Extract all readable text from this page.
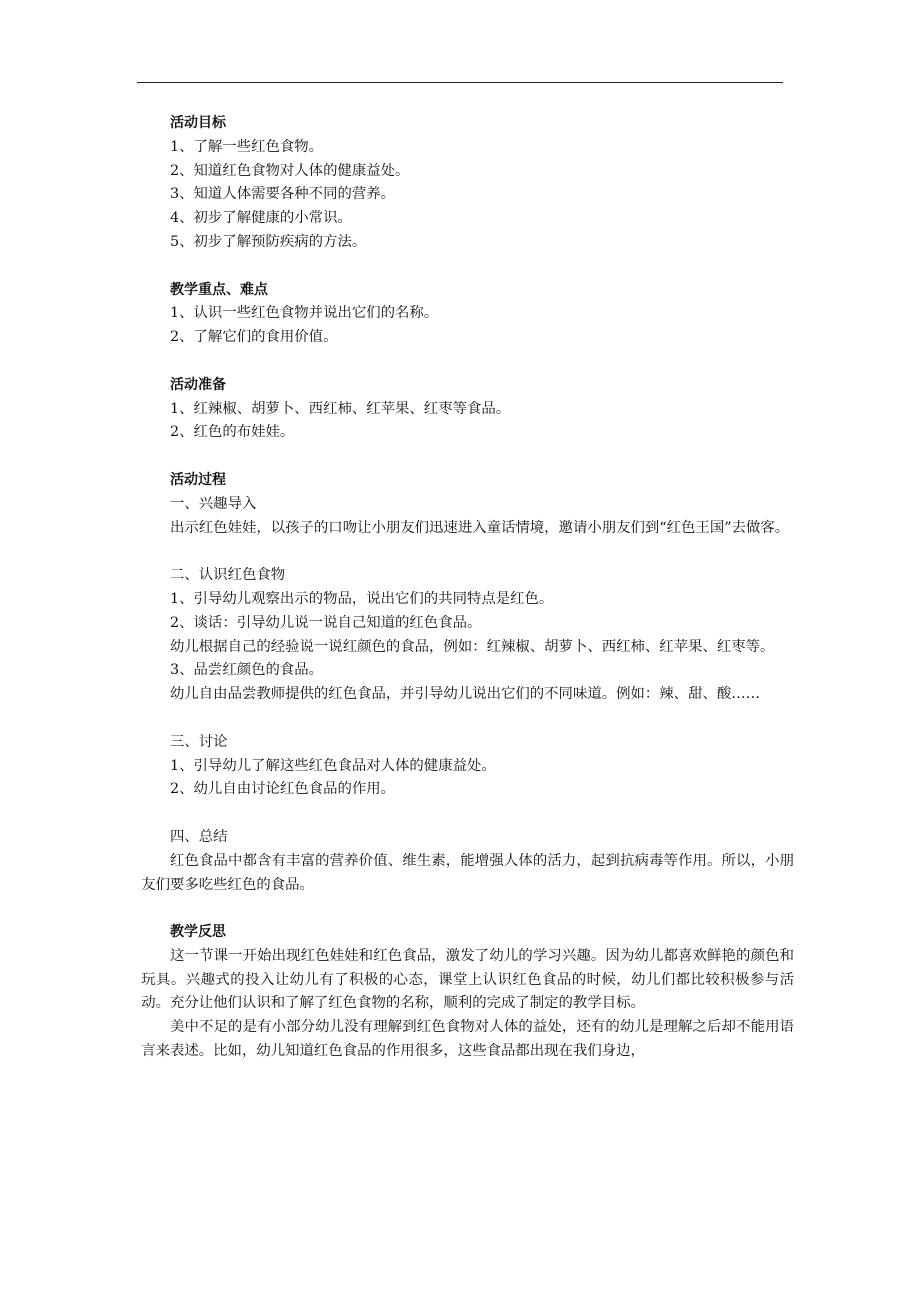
活动目标

1、了解一些红色食物。

2、知道红色食物对人体的健康益处。

3、知道人体需要各种不同的营养。

4、初步了解健康的小常识。

5、初步了解预防疾病的方法。

教学重点、难点

1、认识一些红色食物并说出它们的名称。

2、了解它们的食用价值。

活动准备

1、红辣椒、胡萝卜、西红柿、红苹果、红枣等食品。

2、红色的布娃娃。

活动过程

一、兴趣导入

出示红色娃娃，以孩子的口吻让小朋友们迅速进入童话情境，邀请小朋友们到“红色王国”去做客。

二、认识红色食物

1、引导幼儿观察出示的物品，说出它们的共同特点是红色。

2、谈话：引导幼儿说一说自己知道的红色食品。

幼儿根据自己的经验说一说红颜色的食品，例如：红辣椒、胡萝卜、西红柿、红苹果、红枣等。

3、品尝红颜色的食品。

幼儿自由品尝教师提供的红色食品，并引导幼儿说出它们的不同味道。例如：辣、甜、酸……

三、讨论

1、引导幼儿了解这些红色食品对人体的健康益处。

2、幼儿自由讨论红色食品的作用。

四、总结

红色食品中都含有丰富的营养价值、维生素，能增强人体的活力，起到抗病毒等作用。所以，小朋友们要多吃些红色的食品。

教学反思

这一节课一开始出现红色娃娃和红色食品，激发了幼儿的学习兴趣。因为幼儿都喜欢鲜艳的颜色和玩具。兴趣式的投入让幼儿有了积极的心态，课堂上认识红色食品的时候，幼儿们都比较积极参与活动。充分让他们认识和了解了红色食物的名称，顺利的完成了制定的教学目标。

美中不足的是有小部分幼儿没有理解到红色食物对人体的益处，还有的幼儿是理解之后却不能用语言来表述。比如，幼儿知道红色食品的作用很多，这些食品都出现在我们身边，
